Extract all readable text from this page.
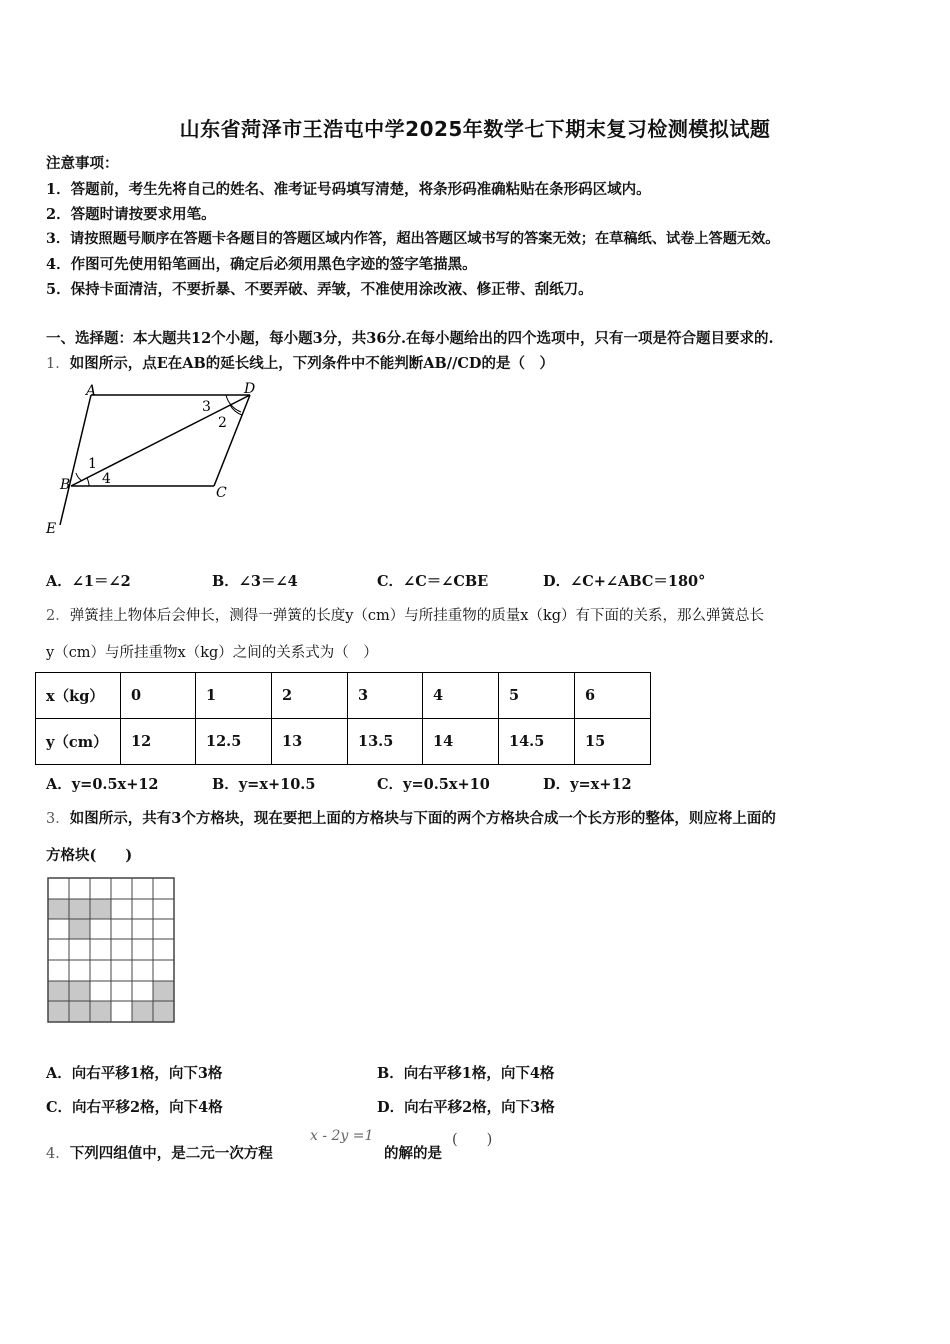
山东省菏泽市王浩屯中学2025年数学七下期末复习检测模拟试题
注意事项：
1．答题前，考生先将自己的姓名、准考证号码填写清楚，将条形码准确粘贴在条形码区域内。
2．答题时请按要求用笔。
3．请按照题号顺序在答题卡各题目的答题区域内作答，超出答题区域书写的答案无效；在草稿纸、试卷上答题无效。
4．作图可先使用铅笔画出，确定后必须用黑色字迹的签字笔描黑。
5．保持卡面清洁，不要折暴、不要弄破、弄皱，不准使用涂改液、修正带、刮纸刀。
一、选择题：本大题共12个小题，每小题3分，共36分.在每小题给出的四个选项中，只有一项是符合题目要求的.
1．如图所示，点E在AB的延长线上，下列条件中不能判断AB//CD的是（　）
A	D
B	C
E
1
2
3
4
A．∠1＝∠2	B．∠3＝∠4	C．∠C＝∠CBE	D．∠C+∠ABC＝180°
2．弹簧挂上物体后会伸长，测得一弹簧的长度y（cm）与所挂重物的质量x（kg）有下面的关系，那么弹簧总长
y（cm）与所挂重物x（kg）之间的关系式为（　）
x（kg）	0	1	2	3	4	5	6
y（cm）	12	12.5	13	13.5	14	14.5	15
A．y=0.5x+12	B．y=x+10.5	C．y=0.5x+10	D．y=x+12
3．如图所示，共有3个方格块，现在要把上面的方格块与下面的两个方格块合成一个长方形的整体，则应将上面的
方格块(　　)
A．向右平移1格，向下3格	B．向右平移1格，向下4格
C．向右平移2格，向下4格	D．向右平移2格，向下3格
4．下列四组值中，是二元一次方程
x - 2y =1
的解的是
(　　)
